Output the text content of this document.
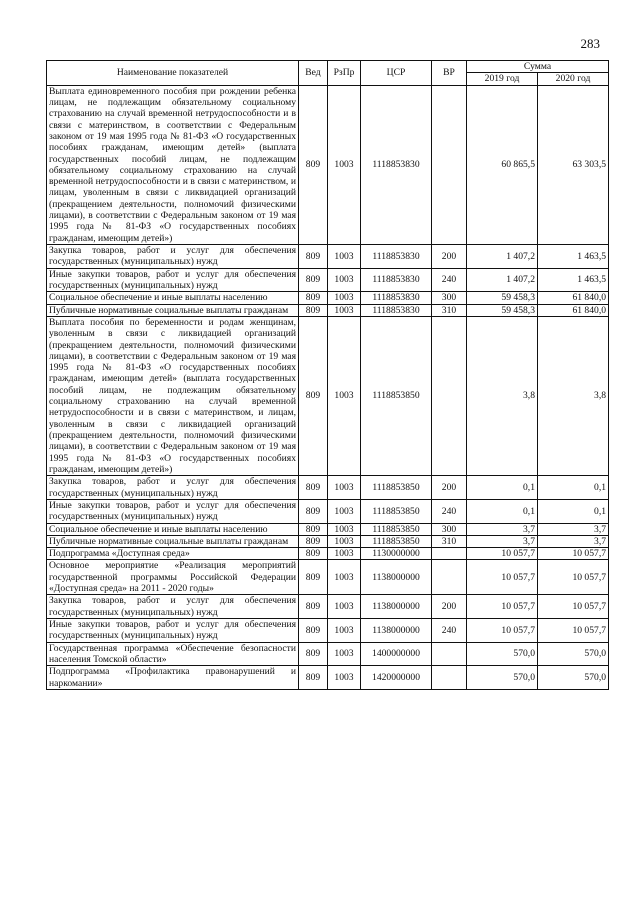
283
Наименование показателей	Вед	РзПр	ЦСР	ВР	Сумма	
					2019 год	2020 год
Выплата единовременного пособия при рождении ребенка лицам, не подлежащим обязательному социальному страхованию на случай временной нетрудоспособности и в связи с материнством, в соответствии с Федеральным законом от 19 мая 1995 года № 81-ФЗ «О государственных пособиях гражданам, имеющим детей» (выплата государственных пособий лицам, не подлежащим обязательному социальному страхованию на случай временной нетрудоспособности и в связи с материнством, и лицам, уволенным в связи с ликвидацией организаций (прекращением деятельности, полномочий физическими лицами), в соответствии с Федеральным законом от 19 мая 1995 года № 81-ФЗ «О государственных пособиях гражданам, имеющим детей»)	809	1003	1118853830		60 865,5	63 303,5
Закупка товаров, работ и услуг для обеспечения государственных (муниципальных) нужд	809	1003	1118853830	200	1 407,2	1 463,5
Иные закупки товаров, работ и услуг для обеспечения государственных (муниципальных) нужд	809	1003	1118853830	240	1 407,2	1 463,5
Социальное обеспечение и иные выплаты населению	809	1003	1118853830	300	59 458,3	61 840,0
Публичные нормативные социальные выплаты гражданам	809	1003	1118853830	310	59 458,3	61 840,0
Выплата пособия по беременности и родам женщинам, уволенным в связи с ликвидацией организаций (прекращением деятельности, полномочий физическими лицами), в соответствии с Федеральным законом от 19 мая 1995 года № 81-ФЗ «О государственных пособиях гражданам, имеющим детей» (выплата государственных пособий лицам, не подлежащим обязательному социальному страхованию на случай временной нетрудоспособности и в связи с материнством, и лицам, уволенным в связи с ликвидацией организаций (прекращением деятельности, полномочий физическими лицами), в соответствии с Федеральным законом от 19 мая 1995 года № 81-ФЗ «О государственных пособиях гражданам, имеющим детей»)	809	1003	1118853850		3,8	3,8
Закупка товаров, работ и услуг для обеспечения государственных (муниципальных) нужд	809	1003	1118853850	200	0,1	0,1
Иные закупки товаров, работ и услуг для обеспечения государственных (муниципальных) нужд	809	1003	1118853850	240	0,1	0,1
Социальное обеспечение и иные выплаты населению	809	1003	1118853850	300	3,7	3,7
Публичные нормативные социальные выплаты гражданам	809	1003	1118853850	310	3,7	3,7
Подпрограмма «Доступная среда»	809	1003	1130000000		10 057,7	10 057,7
Основное мероприятие «Реализация мероприятий государственной программы Российской Федерации «Доступная среда» на 2011 - 2020 годы»	809	1003	1138000000		10 057,7	10 057,7
Закупка товаров, работ и услуг для обеспечения государственных (муниципальных) нужд	809	1003	1138000000	200	10 057,7	10 057,7
Иные закупки товаров, работ и услуг для обеспечения государственных (муниципальных) нужд	809	1003	1138000000	240	10 057,7	10 057,7
Государственная программа «Обеспечение безопасности населения Томской области»	809	1003	1400000000		570,0	570,0
Подпрограмма «Профилактика правонарушений и наркомании»	809	1003	1420000000		570,0	570,0
